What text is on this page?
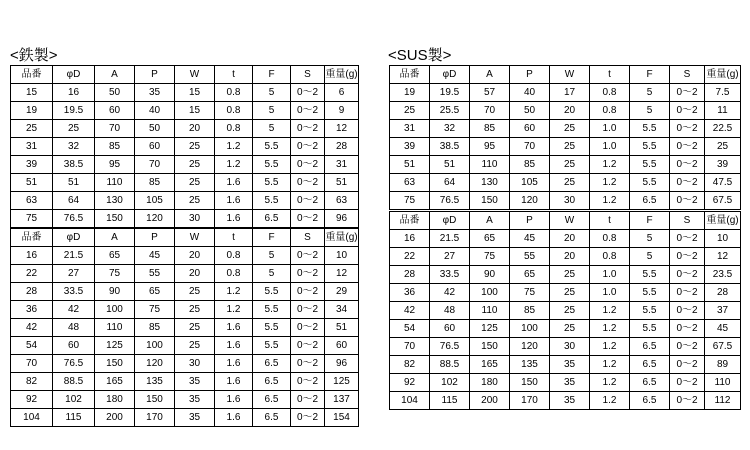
<鉄製>	<SUS製>
品番	φD	A	P	W	t	F	S	重量(g)
15	16	50	35	15	0.8	5	0～2	6
19	19.5	60	40	15	0.8	5	0～2	9
25	25	70	50	20	0.8	5	0～2	12
31	32	85	60	25	1.2	5.5	0～2	28
39	38.5	95	70	25	1.2	5.5	0～2	31
51	51	110	85	25	1.6	5.5	0～2	51
63	64	130	105	25	1.6	5.5	0～2	63
75	76.5	150	120	30	1.6	6.5	0～2	96
品番	φD	A	P	W	t	F	S	重量(g)
19	19.5	57	40	17	0.8	5	0～2	7.5
25	25.5	70	50	20	0.8	5	0～2	11
31	32	85	60	25	1.0	5.5	0～2	22.5
39	38.5	95	70	25	1.0	5.5	0～2	25
51	51	110	85	25	1.2	5.5	0～2	39
63	64	130	105	25	1.2	5.5	0～2	47.5
75	76.5	150	120	30	1.2	6.5	0～2	67.5
品番	φD	A	P	W	t	F	S	重量(g)
16	21.5	65	45	20	0.8	5	0～2	10
22	27	75	55	20	0.8	5	0～2	12
28	33.5	90	65	25	1.2	5.5	0～2	29
36	42	100	75	25	1.2	5.5	0～2	34
42	48	110	85	25	1.6	5.5	0～2	51
54	60	125	100	25	1.6	5.5	0～2	60
70	76.5	150	120	30	1.6	6.5	0～2	96
82	88.5	165	135	35	1.6	6.5	0～2	125
92	102	180	150	35	1.6	6.5	0～2	137
104	115	200	170	35	1.6	6.5	0～2	154
品番	φD	A	P	W	t	F	S	重量(g)
16	21.5	65	45	20	0.8	5	0～2	10
22	27	75	55	20	0.8	5	0～2	12
28	33.5	90	65	25	1.0	5.5	0～2	23.5
36	42	100	75	25	1.0	5.5	0～2	28
42	48	110	85	25	1.2	5.5	0～2	37
54	60	125	100	25	1.2	5.5	0～2	45
70	76.5	150	120	30	1.2	6.5	0～2	67.5
82	88.5	165	135	35	1.2	6.5	0～2	89
92	102	180	150	35	1.2	6.5	0～2	110
104	115	200	170	35	1.2	6.5	0～2	112
